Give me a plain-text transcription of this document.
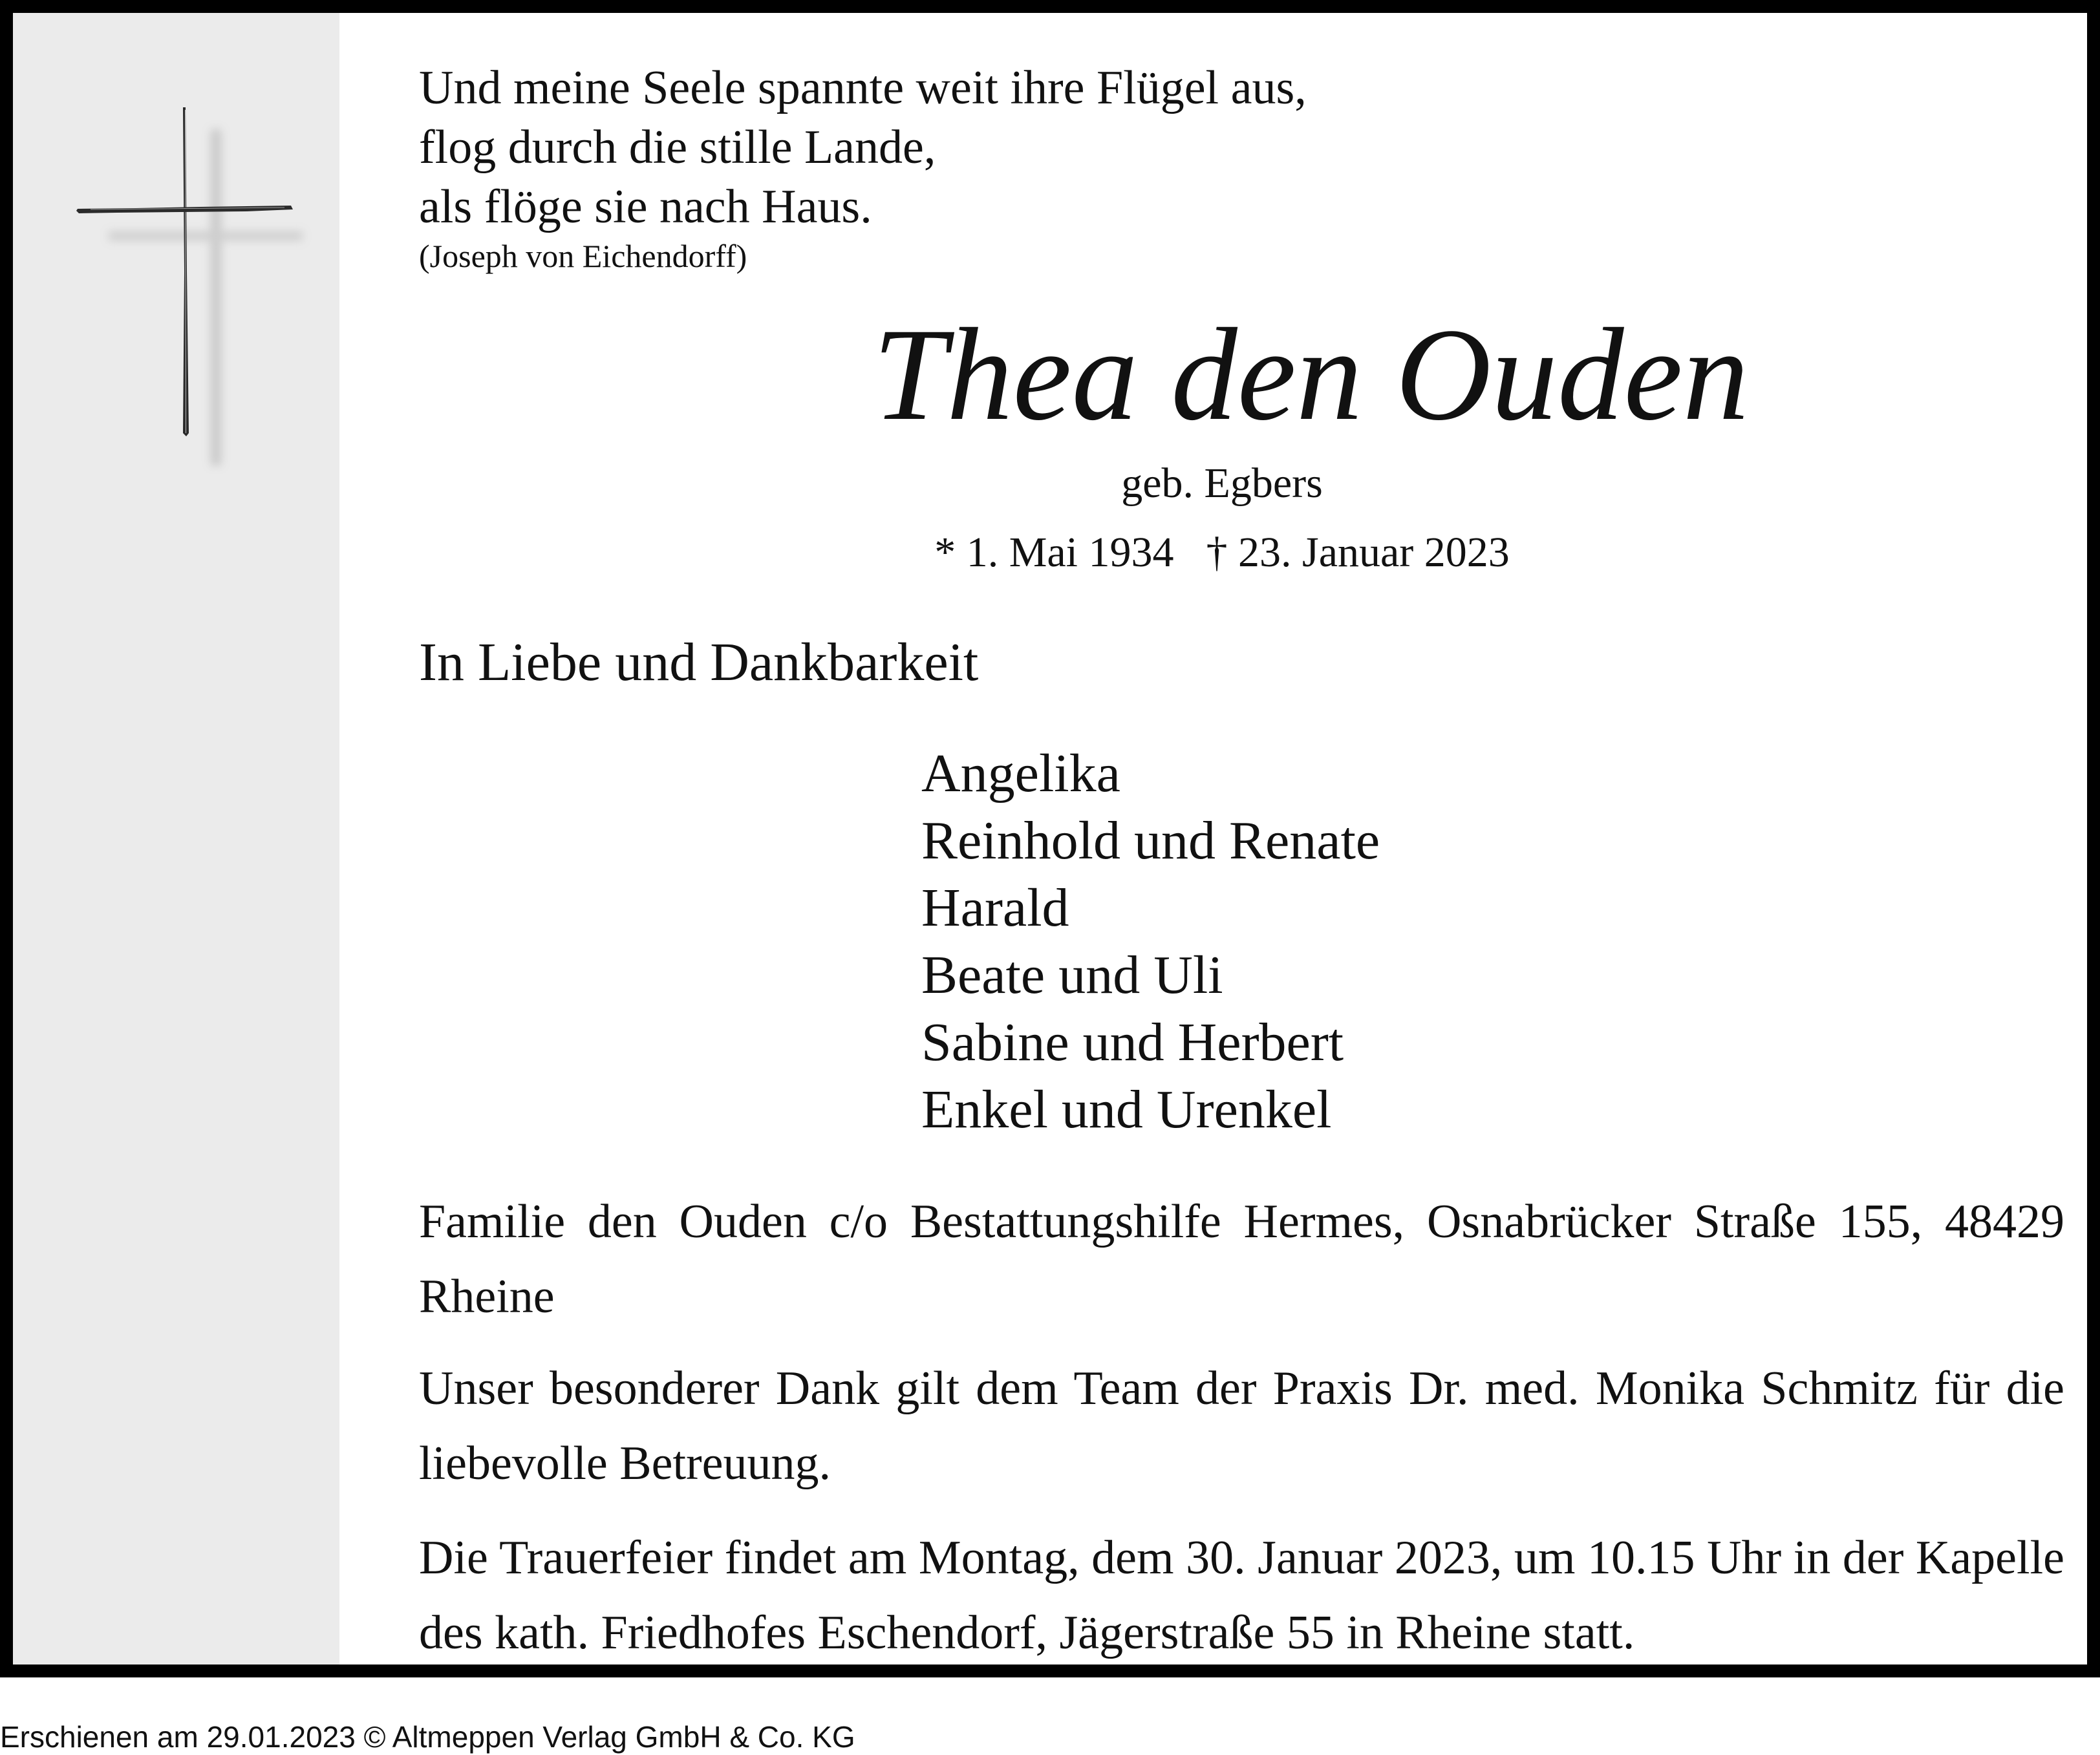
Und meine Seele spannte weit ihre Flügel aus,
flog durch die stille Lande,
als flöge sie nach Haus.
(Joseph von Eichendorff)
Thea den Ouden
geb. Egbers
* 1. Mai 1934 † 23. Januar 2023
In Liebe und Dankbarkeit
Angelika
Reinhold und Renate
Harald
Beate und Uli
Sabine und Herbert
Enkel und Urenkel
Familie den Ouden c/o Bestattungshilfe Hermes, Osnabrücker Straße 155, 48429 Rheine
Unser besonderer Dank gilt dem Team der Praxis Dr. med. Monika Schmitz für die liebevolle Betreuung.
Die Trauerfeier findet am Montag, dem 30. Januar 2023, um 10.15 Uhr in der Kapelle des kath. Friedhofes Eschendorf, Jägerstraße 55 in Rheine statt.
Erschienen am 29.01.2023 © Altmeppen Verlag GmbH & Co. KG
